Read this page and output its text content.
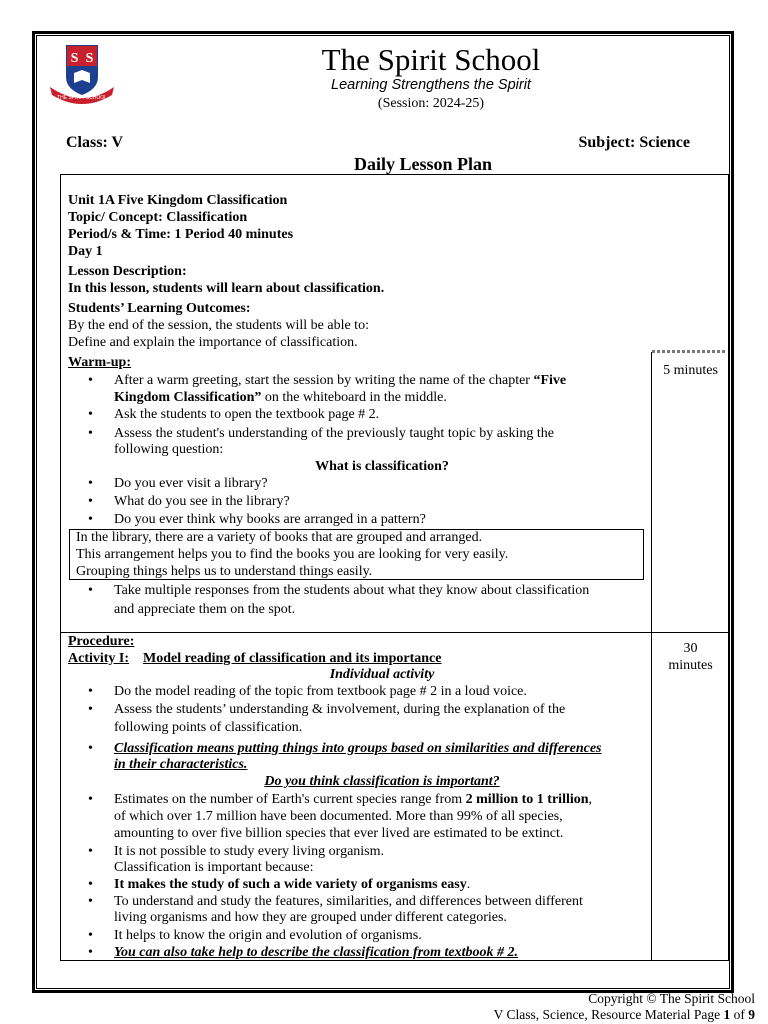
S S
THE SPIRIT SCHOOL
The Spirit School
Learning Strengthens the Spirit
(Session: 2024-25)
Class: V	Subject: Science
Daily Lesson Plan
Unit 1A Five Kingdom Classification
Topic/ Concept: Classification
Period/s & Time: 1 Period 40 minutes
Day 1
Lesson Description:
In this lesson, students will learn about classification.
Students’ Learning Outcomes:
By the end of the session, the students will be able to:
Define and explain the importance of classification.
Warm-up:
5 minutes
• After a warm greeting, start the session by writing the name of the chapter “Five
Kingdom Classification” on the whiteboard in the middle.
• Ask the students to open the textbook page # 2.
• Assess the student's understanding of the previously taught topic by asking the
following question:
What is classification?
• Do you ever visit a library?
• What do you see in the library?
• Do you ever think why books are arranged in a pattern?
In the library, there are a variety of books that are grouped and arranged.
This arrangement helps you to find the books you are looking for very easily.
Grouping things helps us to understand things easily.
• Take multiple responses from the students about what they know about classification
and appreciate them on the spot.
Procedure:	30
minutes
Activity I: Model reading of classification and its importance
Individual activity
• Do the model reading of the topic from textbook page # 2 in a loud voice.
• Assess the students’ understanding & involvement, during the explanation of the
following points of classification.
• Classification means putting things into groups based on similarities and differences
in their characteristics.
Do you think classification is important?
• Estimates on the number of Earth's current species range from 2 million to 1 trillion,
of which over 1.7 million have been documented. More than 99% of all species,
amounting to over five billion species that ever lived are estimated to be extinct.
• It is not possible to study every living organism.
Classification is important because:
• It makes the study of such a wide variety of organisms easy.
• To understand and study the features, similarities, and differences between different
living organisms and how they are grouped under different categories.
• It helps to know the origin and evolution of organisms.
• You can also take help to describe the classification from textbook # 2.
Copyright © The Spirit School
V Class, Science, Resource Material Page 1 of 9
